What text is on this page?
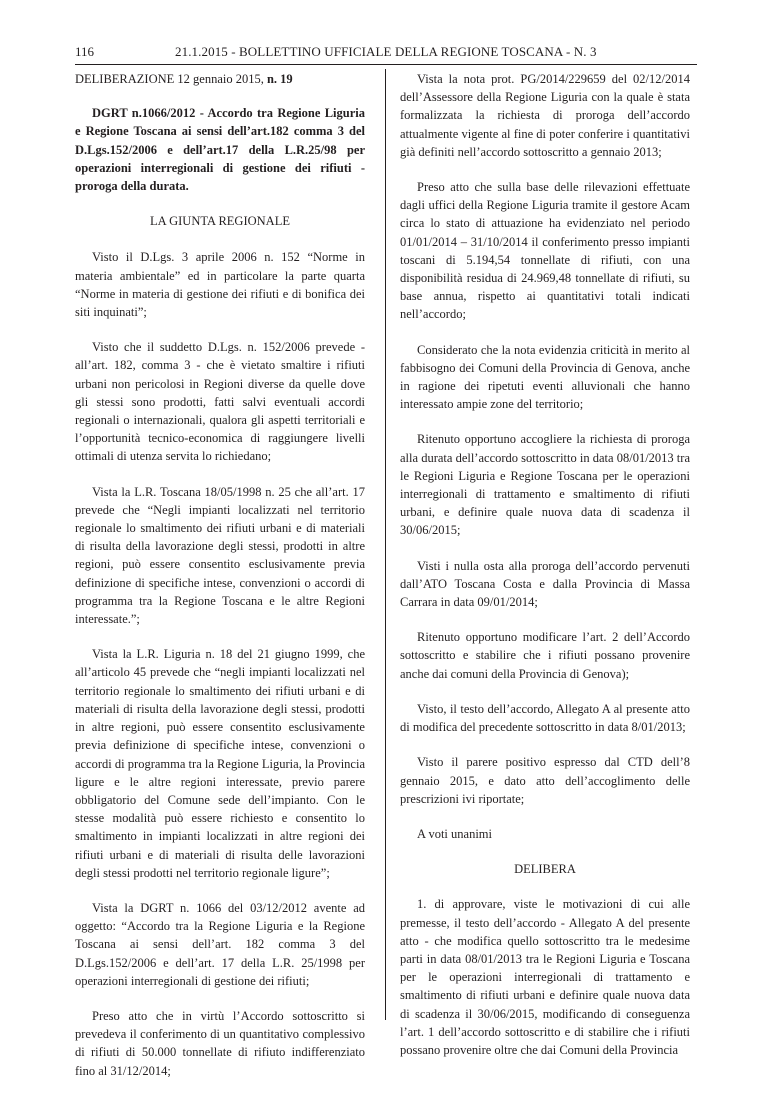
116	21.1.2015 - BOLLETTINO UFFICIALE DELLA REGIONE TOSCANA - N. 3

DELIBERAZIONE 12 gennaio 2015, n. 19

DGRT n.1066/2012 - Accordo tra Regione Liguria e Regione Toscana ai sensi dell’art.182 comma 3 del D.Lgs.152/2006 e dell’art.17 della L.R.25/98 per operazioni interregionali di gestione dei rifiuti - proroga della durata.

LA GIUNTA REGIONALE

Visto il D.Lgs. 3 aprile 2006 n. 152 “Norme in materia ambientale” ed in particolare la parte quarta “Norme in materia di gestione dei rifiuti e di bonifica dei siti inquinati”;

Visto che il suddetto D.Lgs. n. 152/2006 prevede - all’art. 182, comma 3 - che è vietato smaltire i rifiuti urbani non pericolosi in Regioni diverse da quelle dove gli stessi sono prodotti, fatti salvi eventuali accordi regionali o internazionali, qualora gli aspetti territoriali e l’opportunità tecnico-economica di raggiungere livelli ottimali di utenza servita lo richiedano;

Vista la L.R. Toscana 18/05/1998 n. 25 che all’art. 17 prevede che “Negli impianti localizzati nel territorio regionale lo smaltimento dei rifiuti urbani e di materiali di risulta della lavorazione degli stessi, prodotti in altre regioni, può essere consentito esclusivamente previa definizione di specifiche intese, convenzioni o accordi di programma tra la Regione Toscana e le altre Regioni interessate.”;

Vista la L.R. Liguria n. 18 del 21 giugno 1999, che all’articolo 45 prevede che “negli impianti localizzati nel territorio regionale lo smaltimento dei rifiuti urbani e di materiali di risulta della lavorazione degli stessi, prodotti in altre regioni, può essere consentito esclusivamente previa definizione di specifiche intese, convenzioni o accordi di programma tra la Regione Liguria, la Provincia ligure e le altre regioni interessate, previo parere obbligatorio del Comune sede dell’impianto. Con le stesse modalità può essere richiesto e consentito lo smaltimento in impianti localizzati in altre regioni dei rifiuti urbani e di materiali di risulta delle lavorazioni degli stessi prodotti nel territorio regionale ligure”;

Vista la DGRT n. 1066 del 03/12/2012 avente ad oggetto: “Accordo tra la Regione Liguria e la Regione Toscana ai sensi dell’art. 182 comma 3 del D.Lgs.152/2006 e dell’art. 17 della L.R. 25/1998 per operazioni interregionali di gestione dei rifiuti;

Preso atto che in virtù l’Accordo sottoscritto si prevedeva il conferimento di un quantitativo complessivo di rifiuti di 50.000 tonnellate di rifiuto indifferenziato fino al 31/12/2014;

Vista la nota prot. PG/2014/229659 del 02/12/2014 dell’Assessore della Regione Liguria con la quale è stata formalizzata la richiesta di proroga dell’accordo attualmente vigente al fine di poter conferire i quantitativi già definiti nell’accordo sottoscritto a gennaio 2013;

Preso atto che sulla base delle rilevazioni effettuate dagli uffici della Regione Liguria tramite il gestore Acam circa lo stato di attuazione ha evidenziato nel periodo 01/01/2014 – 31/10/2014 il conferimento presso impianti toscani di 5.194,54 tonnellate di rifiuti, con una disponibilità residua di 24.969,48 tonnellate di rifiuti, su base annua, rispetto ai quantitativi totali indicati nell’accordo;

Considerato che la nota evidenzia criticità in merito al fabbisogno dei Comuni della Provincia di Genova, anche in ragione dei ripetuti eventi alluvionali che hanno interessato ampie zone del territorio;

Ritenuto opportuno accogliere la richiesta di proroga alla durata dell’accordo sottoscritto in data 08/01/2013 tra le Regioni Liguria e Regione Toscana per le operazioni interregionali di trattamento e smaltimento di rifiuti urbani, e definire quale nuova data di scadenza il 30/06/2015;

Visti i nulla osta alla proroga dell’accordo pervenuti dall’ATO Toscana Costa e dalla Provincia di Massa Carrara in data 09/01/2014;

Ritenuto opportuno modificare l’art. 2 dell’Accordo sottoscritto e stabilire che i rifiuti possano provenire anche dai comuni della Provincia di Genova);

Visto, il testo dell’accordo, Allegato A al presente atto di modifica del precedente sottoscritto in data 8/01/2013;

Visto il parere positivo espresso dal CTD dell’8 gennaio 2015, e dato atto dell’accoglimento delle prescrizioni ivi riportate;

A voti unanimi

DELIBERA

1. di approvare, viste le motivazioni di cui alle premesse, il testo dell’accordo - Allegato A del presente atto - che modifica quello sottoscritto tra le medesime parti in data 08/01/2013 tra le Regioni Liguria e Toscana per le operazioni interregionali di trattamento e smaltimento di rifiuti urbani e definire quale nuova data di scadenza il 30/06/2015, modificando di conseguenza l’art. 1 dell’accordo sottoscritto e di stabilire che i rifiuti possano provenire oltre che dai Comuni della Provincia
